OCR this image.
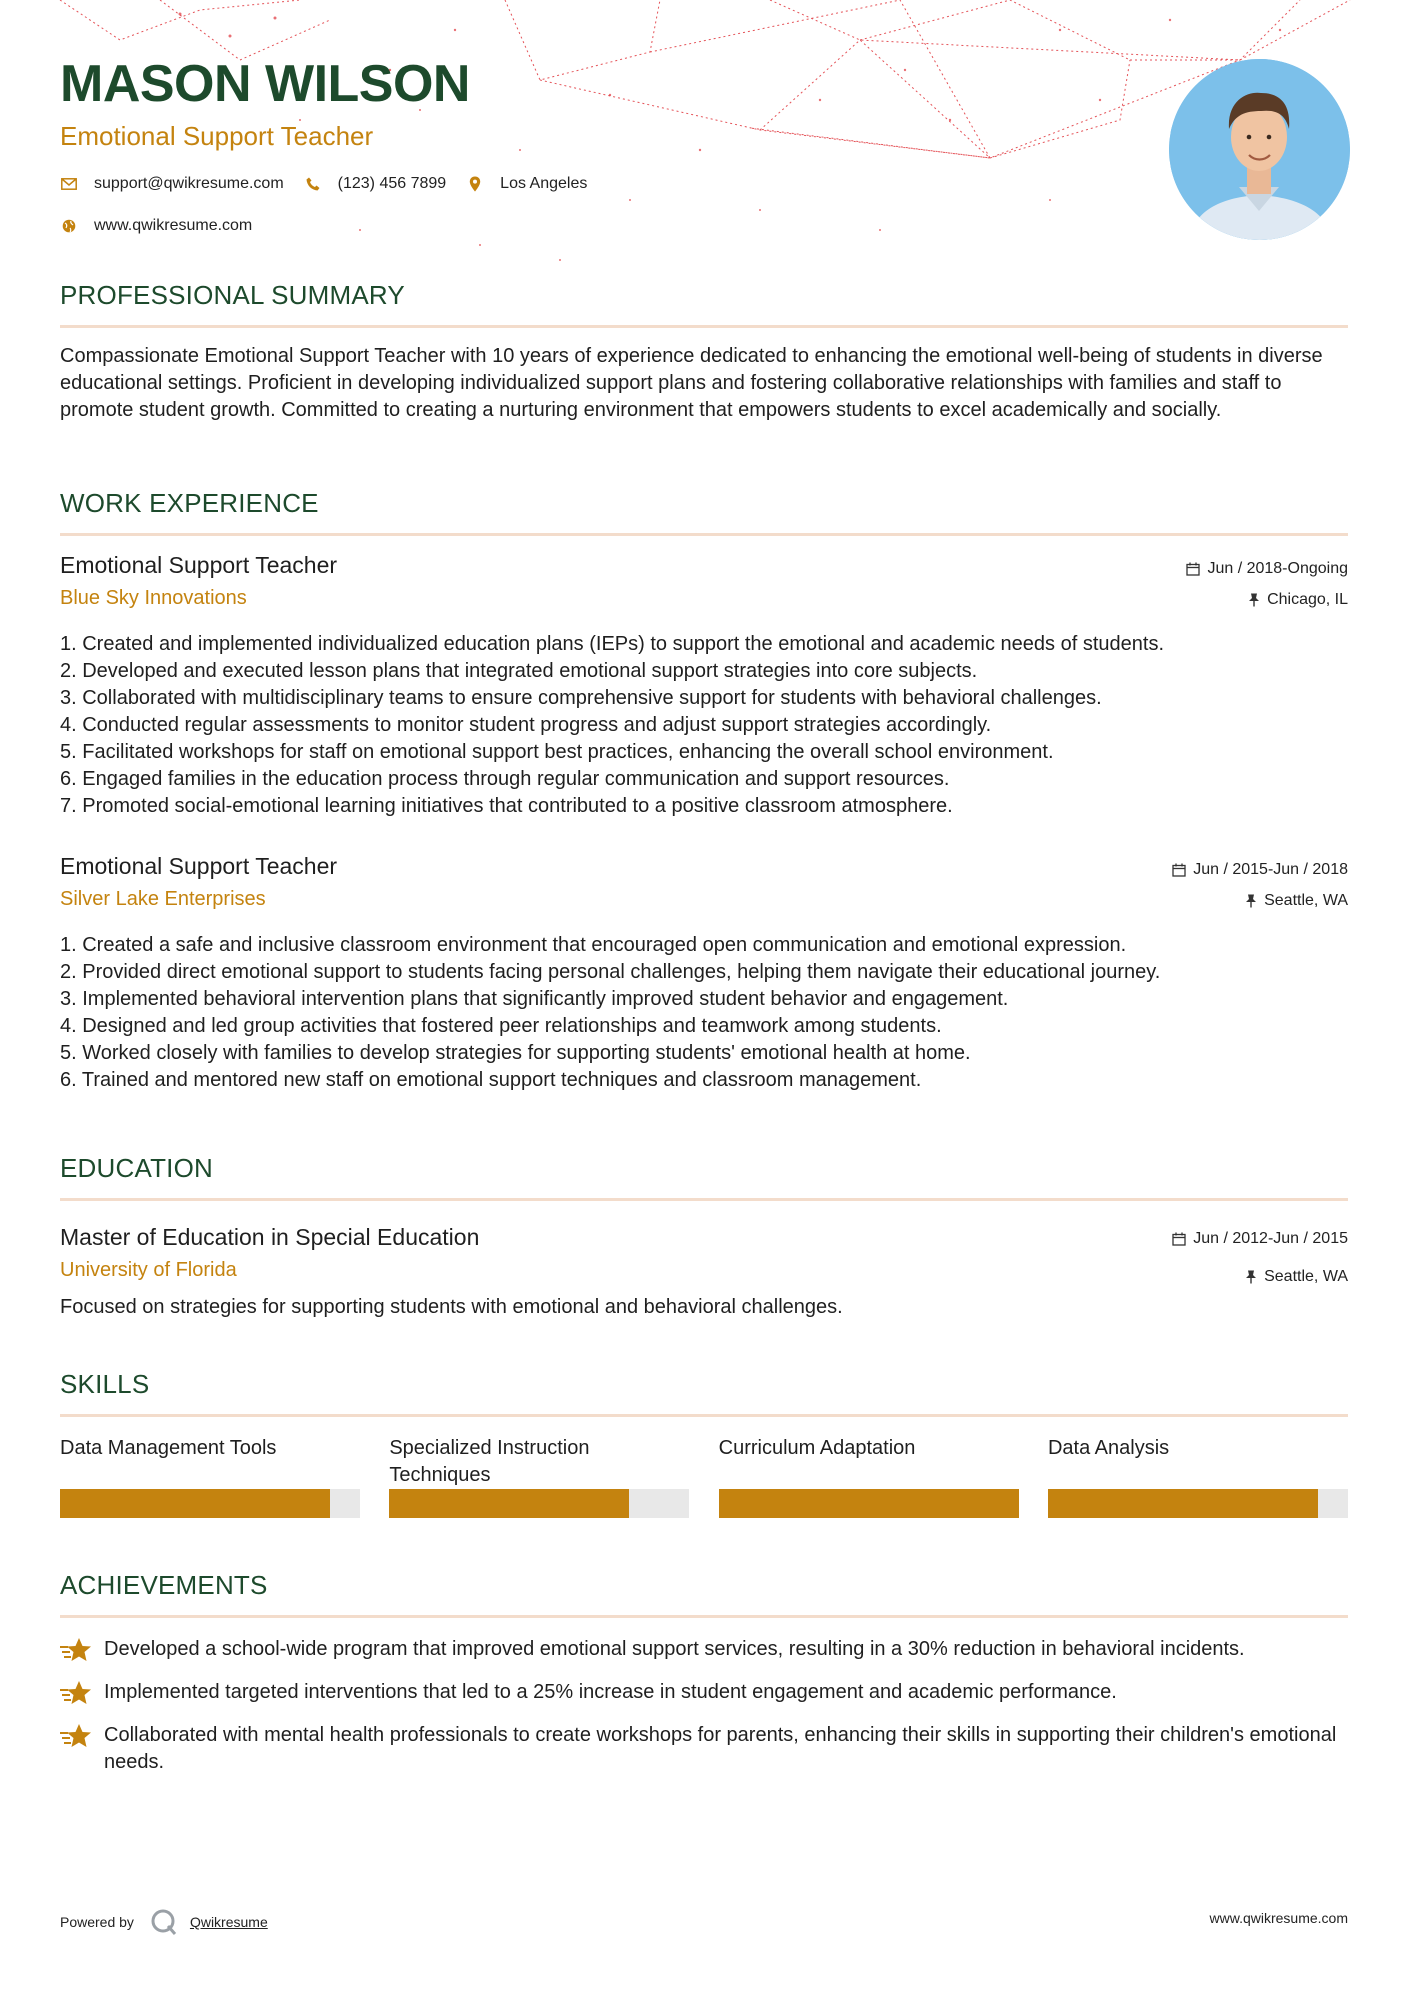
MASON WILSON
Emotional Support Teacher
support@qwikresume.com	(123) 456 7899	Los Angeles
www.qwikresume.com
PROFESSIONAL SUMMARY

Compassionate Emotional Support Teacher with 10 years of experience dedicated to enhancing the emotional well-being of students in diverse educational settings. Proficient in developing individualized support plans and fostering collaborative relationships with families and staff to promote student growth. Committed to creating a nurturing environment that empowers students to excel academically and socially.

WORK EXPERIENCE
Emotional Support Teacher
Blue Sky Innovations
Jun / 2018-Ongoing
Chicago, IL
1. Created and implemented individualized education plans (IEPs) to support the emotional and academic needs of students.
2. Developed and executed lesson plans that integrated emotional support strategies into core subjects.
3. Collaborated with multidisciplinary teams to ensure comprehensive support for students with behavioral challenges.
4. Conducted regular assessments to monitor student progress and adjust support strategies accordingly.
5. Facilitated workshops for staff on emotional support best practices, enhancing the overall school environment.
6. Engaged families in the education process through regular communication and support resources.
7. Promoted social-emotional learning initiatives that contributed to a positive classroom atmosphere.
Emotional Support Teacher
Silver Lake Enterprises
Jun / 2015-Jun / 2018
Seattle, WA
1. Created a safe and inclusive classroom environment that encouraged open communication and emotional expression.
2. Provided direct emotional support to students facing personal challenges, helping them navigate their educational journey.
3. Implemented behavioral intervention plans that significantly improved student behavior and engagement.
4. Designed and led group activities that fostered peer relationships and teamwork among students.
5. Worked closely with families to develop strategies for supporting students' emotional health at home.
6. Trained and mentored new staff on emotional support techniques and classroom management.
EDUCATION
Master of Education in Special Education
University of Florida
Jun / 2012-Jun / 2015
Seattle, WA

Focused on strategies for supporting students with emotional and behavioral challenges.

SKILLS
Data Management Tools	Specialized Instruction Techniques
Curriculum Adaptation	Data Analysis
ACHIEVEMENTS
Developed a school-wide program that improved emotional support services, resulting in a 30% reduction in behavioral incidents.
Implemented targeted interventions that led to a 25% increase in student engagement and academic performance.
Collaborated with mental health professionals to create workshops for parents, enhancing their skills in supporting their children's emotional needs.
Powered by	Qwikresume	www.qwikresume.com
